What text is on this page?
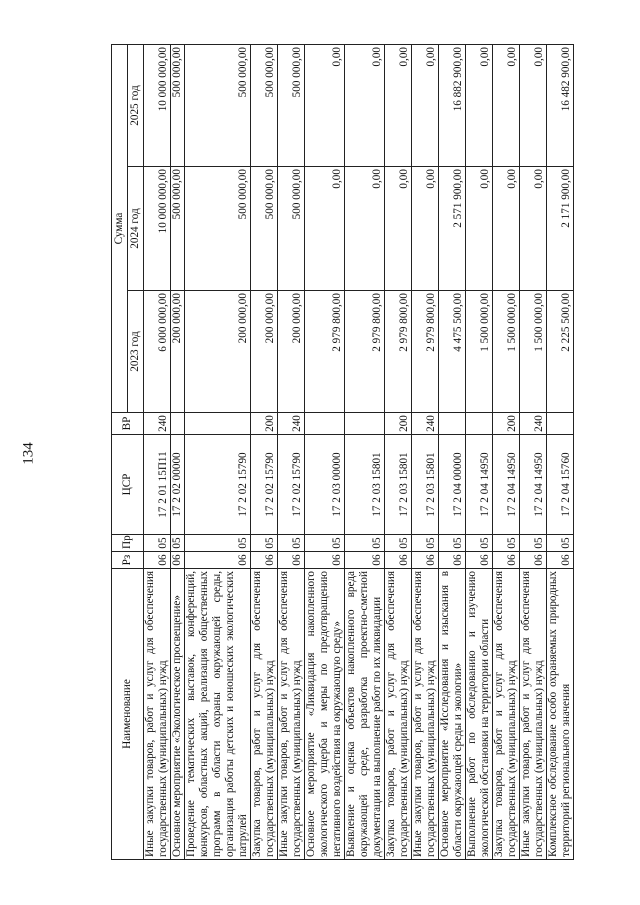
134
Наименование	Рз	Пр	ЦСР	ВР	Сумма		
					2023 год	2024 год	2025 год
Иные закупки товаров, работ и услуг для обеспечения государственных (муниципальных) нужд	06	05	17 2 01 15П11	240	6 000 000,00	10 000 000,00	10 000 000,00
Основное мероприятие «Экологическое просвещение»	06	05	17 2 02 00000		200 000,00	500 000,00	500 000,00
Проведение тематических выставок, конференций, конкурсов, областных акций, реализация общественных программ в области охраны окружающей среды, организация работы детских и юношеских экологических патрулей	06	05	17 2 02 15790		200 000,00	500 000,00	500 000,00
Закупка товаров, работ и услуг для обеспечения государственных (муниципальных) нужд	06	05	17 2 02 15790	200	200 000,00	500 000,00	500 000,00
Иные закупки товаров, работ и услуг для обеспечения государственных (муниципальных) нужд	06	05	17 2 02 15790	240	200 000,00	500 000,00	500 000,00
Основное мероприятие «Ликвидация накопленного экологического ущерба и меры по предотвращению негативного воздействия на окружающую среду»	06	05	17 2 03 00000		2 979 800,00	0,00	0,00
Выявление и оценка объектов накопленного вреда окружающей среде, разработка проектно-сметной документации на выполнение работ по их ликвидации	06	05	17 2 03 15801		2 979 800,00	0,00	0,00
Закупка товаров, работ и услуг для обеспечения государственных (муниципальных) нужд	06	05	17 2 03 15801	200	2 979 800,00	0,00	0,00
Иные закупки товаров, работ и услуг для обеспечения государственных (муниципальных) нужд	06	05	17 2 03 15801	240	2 979 800,00	0,00	0,00
Основное мероприятие «Исследования и изыскания в области окружающей среды и экологии»	06	05	17 2 04 00000		4 475 500,00	2 571 900,00	16 882 900,00
Выполнение работ по обследованию и изучению экологической обстановки на территории области	06	05	17 2 04 14950		1 500 000,00	0,00	0,00
Закупка товаров, работ и услуг для обеспечения государственных (муниципальных) нужд	06	05	17 2 04 14950	200	1 500 000,00	0,00	0,00
Иные закупки товаров, работ и услуг для обеспечения государственных (муниципальных) нужд	06	05	17 2 04 14950	240	1 500 000,00	0,00	0,00
Комплексное обследование особо охраняемых природных территорий регионального значения	06	05	17 2 04 15760		2 225 500,00	2 171 900,00	16 482 900,00
